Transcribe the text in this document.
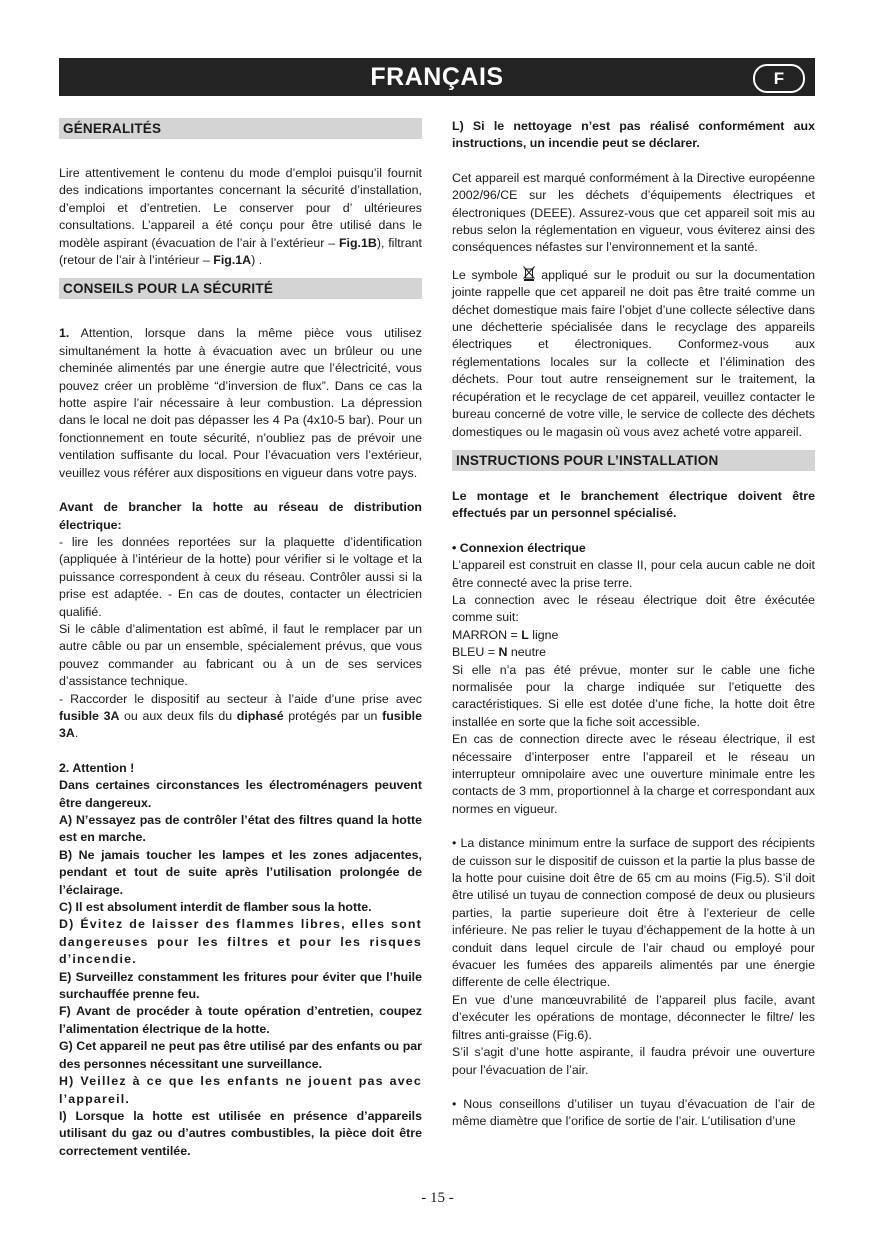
FRANÇAIS	F
GÉNERALITÉS

Lire attentivement le contenu du mode d’emploi puisqu’il fournit des indications importantes concernant la sécurité d’installation, d’emploi et d’entretien. Le conserver pour d’ ultérieures consultations. L’appareil a été conçu pour être utilisé dans le modèle aspirant (évacuation de l’air à l’extérieur – Fig.1B), filtrant (retour de l’air à l’intérieur – Fig.1A) .

CONSEILS POUR LA SÉCURITÉ

1. Attention, lorsque dans la même pièce vous utilisez simultanément la hotte à évacuation avec un brûleur ou une cheminée alimentés par une énergie autre que l’électricité, vous pouvez créer un problème “d’inversion de flux”. Dans ce cas la hotte aspire l’air nécessaire à leur combustion. La dépression dans le local ne doit pas dépasser les 4 Pa (4x10-5 bar). Pour un fonctionnement en toute sécurité, n’oubliez pas de prévoir une ventilation suffisante du local. Pour l’évacuation vers l’extérieur, veuillez vous référer aux dispositions en vigueur dans votre pays.

Avant de brancher la hotte au réseau de distribution électrique:

- lire les données reportées sur la plaquette d’identification (appliquée à l’intérieur de la hotte) pour vérifier si le voltage et la puissance correspondent à ceux du réseau. Contrôler aussi si la prise est adaptée. - En cas de doutes, contacter un électricien qualifié.

Si le câble d’alimentation est abîmé, il faut le remplacer par un autre câble ou par un ensemble, spécialement prévus, que vous pouvez commander au fabricant ou à un de ses services d’assistance technique.

- Raccorder le dispositif au secteur à l’aide d’une prise avec fusible 3A ou aux deux fils du diphasé protégés par un fusible 3A.

2. Attention !

Dans certaines circonstances les électroménagers peuvent être dangereux.

A) N’essayez pas de contrôler l’état des filtres quand la hotte est en marche.

B) Ne jamais toucher les lampes et les zones adjacentes, pendant et tout de suite après l’utilisation prolongée de l’éclairage.

C) Il est absolument interdit de flamber sous la hotte.

D) Évitez de laisser des flammes libres, elles sont dangereuses pour les filtres et pour les risques d’incendie.

E) Surveillez constamment les fritures pour éviter que l’huile surchauffée prenne feu.

F) Avant de procéder à toute opération d’entretien, coupez l’alimentation électrique de la hotte.

G) Cet appareil ne peut pas être utilisé par des enfants ou par des personnes nécessitant une surveillance.

H) Veillez à ce que les enfants ne jouent pas avec l’appareil.

I) Lorsque la hotte est utilisée en présence d’appareils utilisant du gaz ou d’autres combustibles, la pièce doit être correctement ventilée.

L) Si le nettoyage n’est pas réalisé conformément aux instructions, un incendie peut se déclarer.

Cet appareil est marqué conformément à la Directive européenne 2002/96/CE sur les déchets d’équipements électriques et électroniques (DEEE). Assurez-vous que cet appareil soit mis au rebus selon la réglementation en vigueur, vous éviterez ainsi des conséquences néfastes sur l’environnement et la santé.

Le symbole  appliqué sur le produit ou sur la documentation jointe rappelle que cet appareil ne doit pas être traité comme un déchet domestique mais faire l’objet d’une collecte sélective dans une déchetterie spécialisée dans le recyclage des appareils électriques et électroniques. Conformez-vous aux réglementations locales sur la collecte et l’élimination des déchets. Pour tout autre renseignement sur le traitement, la récupération et le recyclage de cet appareil, veuillez contacter le bureau concerné de votre ville, le service de collecte des déchets domestiques ou le magasin où vous avez acheté votre appareil.

INSTRUCTIONS POUR L’INSTALLATION

Le montage et le branchement électrique doivent être effectués par un personnel spécialisé.

• Connexion électrique

L’appareil est construit en classe II, pour cela aucun cable ne doit être connecté avec la prise terre.

La connection avec le réseau électrique doit être éxécutée comme suit:

MARRON = L ligne

BLEU = N neutre

Si elle n’a pas été prévue, monter sur le cable une fiche normalisée pour la charge indiquée sur l’etiquette des caractéristiques. Si elle est dotée d’une fiche, la hotte doit être installée en sorte que la fiche soit accessible.

En cas de connection directe avec le réseau électrique, il est nécessaire d’interposer entre l’appareil et le réseau un interrupteur omnipolaire avec une ouverture minimale entre les contacts de 3 mm, proportionnel à la charge et correspondant aux normes en vigueur.

• La distance minimum entre la surface de support des récipients de cuisson sur le dispositif de cuisson et la partie la plus basse de la hotte pour cuisine doit être de 65 cm au moins (Fig.5). S’il doit être utilisé un tuyau de connection composé de deux ou plusieurs parties, la partie superieure doit être à l’exterieur de celle inférieure. Ne pas relier le tuyau d’échappement de la hotte à un conduit dans lequel circule de l’air chaud ou employé pour évacuer les fumées des appareils alimentés par une énergie differente de celle électrique.

En vue d’une manœuvrabilité de l’appareil plus facile, avant d’exécuter les opérations de montage, déconnecter le filtre/ les filtres anti-graisse (Fig.6).

S’il s’agit d’une hotte aspirante, il faudra prévoir une ouverture pour l’évacuation de l’air.

• Nous conseillons d’utiliser un tuyau d’évacuation de l’air de même diamètre que l’orifice de sortie de l’air. L’utilisation d’une

- 15 -
